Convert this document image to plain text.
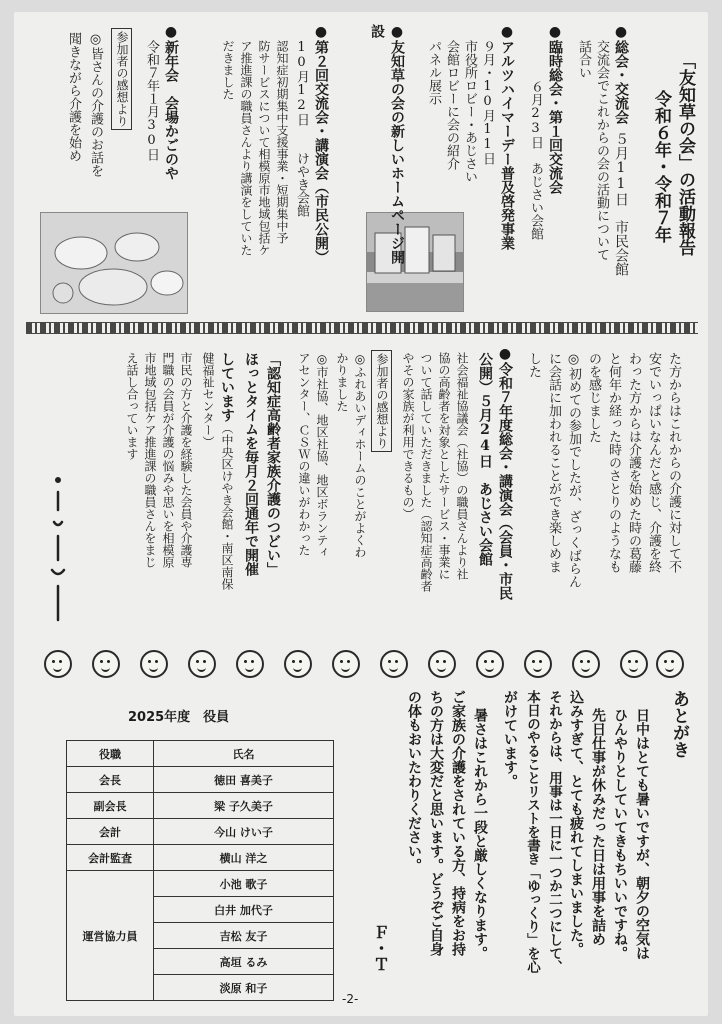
「友知草の会」の活動報告
令和６年・令和７年
●総会・交流会
　５月11日　市民会館
交流会でこれからの会の活動について
話合い
●臨時総会・第１回交流会
６月23日　あじさい会館
●アルツハイマーデー普及啓発事業
９月・10月11日
市役所ロビー・あじさい
会館ロビーに会の紹介
パネル展示
●友知草の会の新しいホームページ開
設
●第２回交流会・講演会（市民公開）
10月12日　　けやき会館
認知症初期集中支援事業・短期集中予
防サービスについて相模原市地域包括ケ
ア推進課の職員さんより講演をしていた
だきました
●新年会　会場かごのや
令和７年１月30日
参加者の感想より
◎皆さんの介護のお話を
聞きながら介護を始め
た方からはこれからの介護に対して不
安でいっぱいなんだと感じ、介護を終
わった方からは介護を始めた時の葛藤
と何年か経った時のさとりのようなも
のを感じました
◎初めての参加でしたが、ざっくばらん
に会話に加われることができ楽しめま
した
●令和７年度総会・講演会（会員・市民
公開）５月24日　あじさい会館
社会福祉協議会（社協）の職員さんより社
協の高齢者を対象としたサービス・事業に
ついて話していただきました（認知症高齢者
やその家族が利用できるもの）
参加者の感想より
◎ふれあいディホームのことがよくわ
かりました
◎市社協、地区社協、地区ボランティ
アセンター、ＣＳＷの違いがわかった
「認知症高齢者家族介護のつどい」
ほっとタイムを毎月２回通年で開催
しています（中央区けやき会館・南区南保
健福祉センター）
市民の方と介護を経験した会員や介護専
門職の会員が介護の悩みや思いを相模原
市地域包括ケア推進課の職員さんをまじ
え話し合っています
2025年度　役員
役職	氏名
会長	徳田 喜美子
副会長	梁 子久美子
会計	今山 けい子
会計監査	横山 洋之
運営協力員	小池 歌子
	白井 加代子
	吉松 友子
	高垣 るみ
	淡原 和子
あとがき
日中はとても暑いですが、朝夕の空気は
ひんやりとしていてきもちいいですね。
先日仕事が休みだった日は用事を詰め
込みすぎて、とても疲れてしまいました。
それからは、用事は一日に一つか二つにして、
本日のやることリストを書き「ゆっくり」を心
がけています。
暑さはこれから一段と厳しくなります。
ご家族の介護をされている方、持病をお持
ちの方は大変だと思います。どうぞご自身
の体もおいたわりください。
Ｆ・Ｔ
-2-
